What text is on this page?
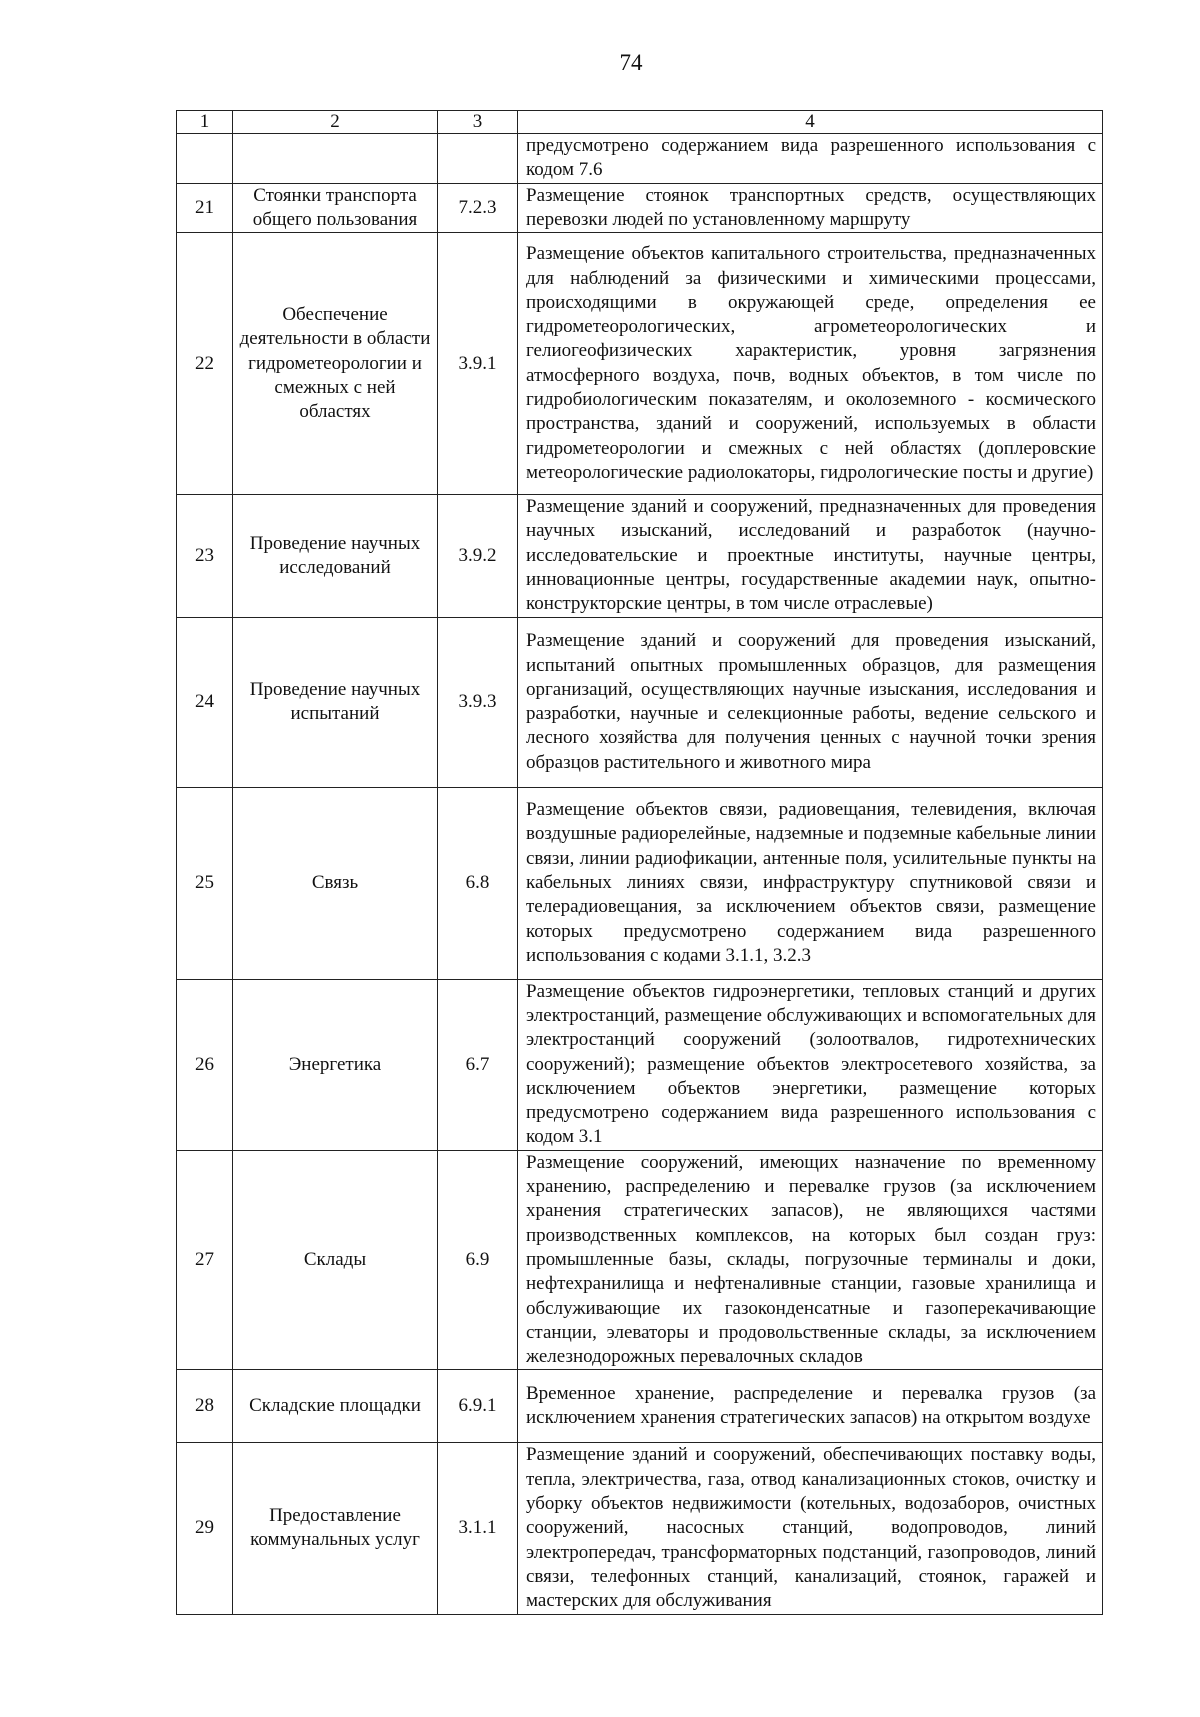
74
1	2	3	4
			предусмотрено содержанием вида разрешенного использования с кодом 7.6
21	Стоянки транспорта общего пользования	7.2.3	Размещение стоянок транспортных средств, осуществляющих перевозки людей по установленному маршруту
22	Обеспечение деятельности в области гидрометеорологии и смежных с ней областях	3.9.1	Размещение объектов капитального строительства, предназначенных для наблюдений за физическими и химическими процессами, происходящими в окружающей среде, определения ее гидрометеорологических, агрометеорологических и гелиогеофизических характеристик, уровня загрязнения атмосферного воздуха, почв, водных объектов, в том числе по гидробиологическим показателям, и околоземного - космического пространства, зданий и сооружений, используемых в области гидрометеорологии и смежных с ней областях (доплеровские метеорологические радиолокаторы, гидрологические посты и другие)
23	Проведение научных исследований	3.9.2	Размещение зданий и сооружений, предназначенных для проведения научных изысканий, исследований и разработок (научно-исследовательские и проектные институты, научные центры, инновационные центры, государственные академии наук, опытно-конструкторские центры, в том числе отраслевые)
24	Проведение научных испытаний	3.9.3	Размещение зданий и сооружений для проведения изысканий, испытаний опытных промышленных образцов, для размещения организаций, осуществляющих научные изыскания, исследования и разработки, научные и селекционные работы, ведение сельского и лесного хозяйства для получения ценных с научной точки зрения образцов растительного и животного мира
25	Связь	6.8	Размещение объектов связи, радиовещания, телевидения, включая воздушные радиорелейные, надземные и подземные кабельные линии связи, линии радиофикации, антенные поля, усилительные пункты на кабельных линиях связи, инфраструктуру спутниковой связи и телерадиовещания, за исключением объектов связи, размещение которых предусмотрено содержанием вида разрешенного использования с кодами 3.1.1, 3.2.3
26	Энергетика	6.7	Размещение объектов гидроэнергетики, тепловых станций и других электростанций, размещение обслуживающих и вспомогательных для электростанций сооружений (золоотвалов, гидротехнических сооружений); размещение объектов электросетевого хозяйства, за исключением объектов энергетики, размещение которых предусмотрено содержанием вида разрешенного использования с кодом 3.1
27	Склады	6.9	Размещение сооружений, имеющих назначение по временному хранению, распределению и перевалке грузов (за исключением хранения стратегических запасов), не являющихся частями производственных комплексов, на которых был создан груз: промышленные базы, склады, погрузочные терминалы и доки, нефтехранилища и нефтеналивные станции, газовые хранилища и обслуживающие их газоконденсатные и газоперекачивающие станции, элеваторы и продовольственные склады, за исключением железнодорожных перевалочных складов
28	Складские площадки	6.9.1	Временное хранение, распределение и перевалка грузов (за исключением хранения стратегических запасов) на открытом воздухе
29	Предоставление коммунальных услуг	3.1.1	Размещение зданий и сооружений, обеспечивающих поставку воды, тепла, электричества, газа, отвод канализационных стоков, очистку и уборку объектов недвижимости (котельных, водозаборов, очистных сооружений, насосных станций, водопроводов, линий электропередач, трансформаторных подстанций, газопроводов, линий связи, телефонных станций, канализаций, стоянок, гаражей и мастерских для обслуживания
